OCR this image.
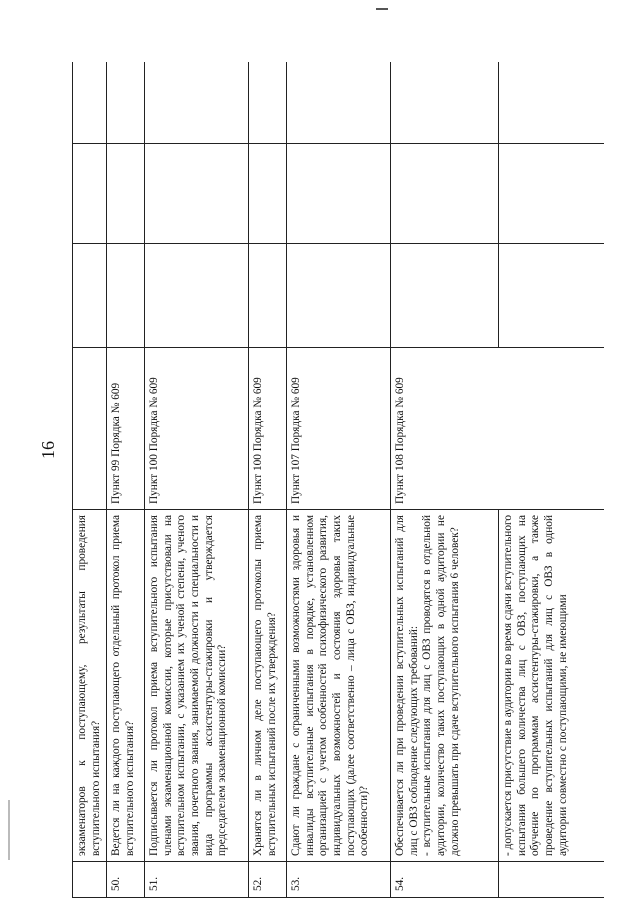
16
	экзаменаторов к поступающему, результаты проведения вступительного испытания?				
50.	Ведется ли на каждого поступающего отдельный протокол приема вступительного испытания?	Пункт 99 Порядка № 609			
51.	Подписывается ли протокол приема вступительного испытания членами экзаменационной комиссии, которые присутствовали на вступительном испытании, с указанием их ученой степени, ученого звания, почетного звания, занимаемой должности и специальности и вида программы ассистентуры-стажировки и утверждается председателем экзаменационной комиссии?	Пункт 100 Порядка № 609			
52.	Хранятся ли в личном деле поступающего протоколы приема вступительных испытаний после их утверждения?	Пункт 100 Порядка № 609			
53.	Сдают ли граждане с ограниченными возможностями здоровья и инвалиды вступительные испытания в порядке, установленном организацией с учетом особенностей психофизического развития, индивидуальных возможностей и состояния здоровья таких поступающих (далее соответственно – лица с ОВЗ, индивидуальные особенности)?	Пункт 107 Порядка № 609			
54.	Обеспечивается ли при проведении вступительных испытаний для лиц с ОВЗ соблюдение следующих требований: - вступительные испытания для лиц с ОВЗ проводятся в отдельной аудитории, количество таких поступающих в одной аудитории не должно превышать при сдаче вступительного испытания 6 человек?	Пункт 108 Порядка № 609			
	- допускается присутствие в аудитории во время сдачи вступительного испытания большего количества лиц с ОВЗ, поступающих на обучение по программам ассистентуры-стажировки, а также проведение вступительных испытаний для лиц с ОВЗ в одной аудитории совместно с поступающими, не имеющими				
